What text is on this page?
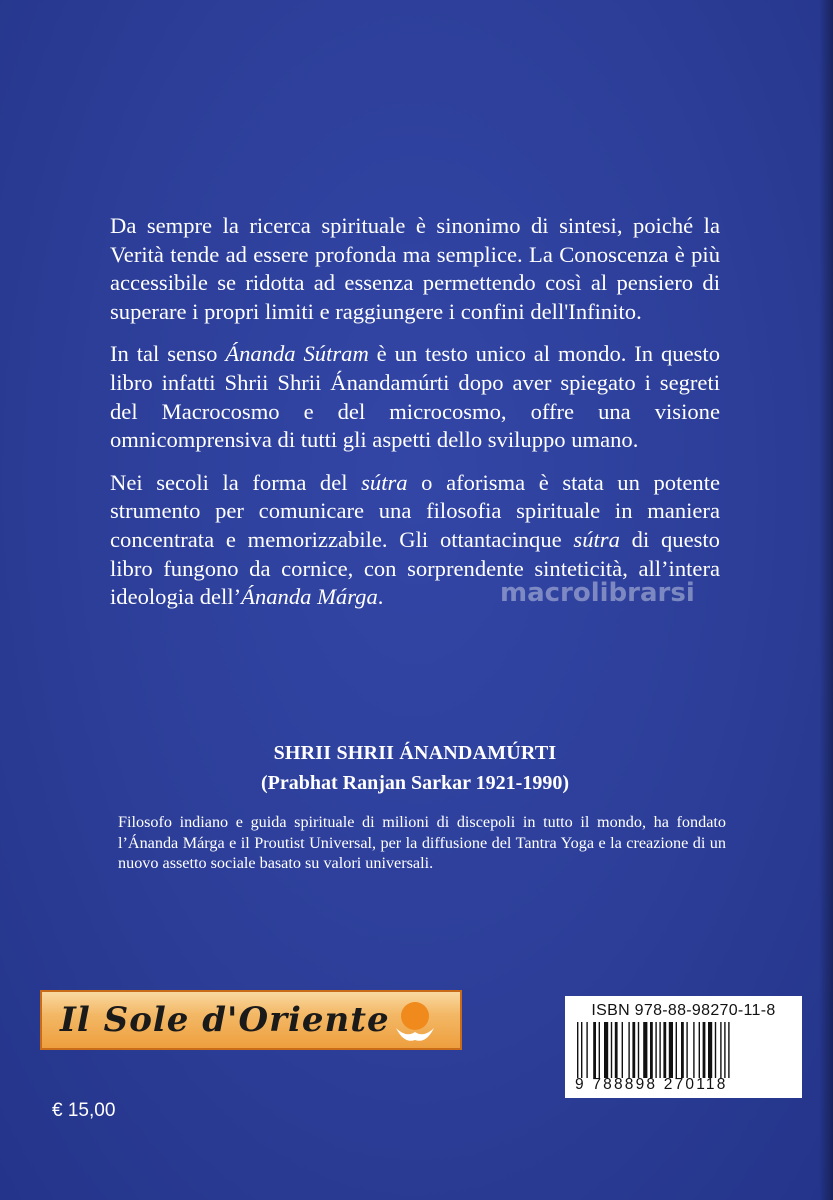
Da sempre la ricerca spirituale è sinonimo di sintesi, poiché la Verità tende ad essere profonda ma semplice. La Conoscenza è più accessibile se ridotta ad essenza permettendo così al pensiero di superare i propri limiti e raggiungere i confini dell'Infinito.

In tal senso Ánanda Sútram è un testo unico al mondo. In questo libro infatti Shrii Shrii Ánandamúrti dopo aver spiegato i segreti del Macrocosmo e del microcosmo, offre una visione omnicomprensiva di tutti gli aspetti dello sviluppo umano.

Nei secoli la forma del sútra o aforisma è stata un potente strumento per comunicare una filosofia spirituale in maniera concentrata e memorizzabile. Gli ottantacinque sútra di questo libro fungono da cornice, con sorprendente sinteticità, all’intera ideologia dell’Ánanda Márga.	macrolibrarsi
SHRII SHRII ÁNANDAMÚRTI
(Prabhat Ranjan Sarkar 1921-1990)
Filosofo indiano e guida spirituale di milioni di discepoli in tutto il mondo, ha fondato l’Ánanda Márga e il Proutist Universal, per la diffusione del Tantra Yoga e la creazione di un nuovo assetto sociale basato su valori universali.
Il Sole d'Oriente	ISBN 978-88-98270-11-8
9 788898 270118
€ 15,00
